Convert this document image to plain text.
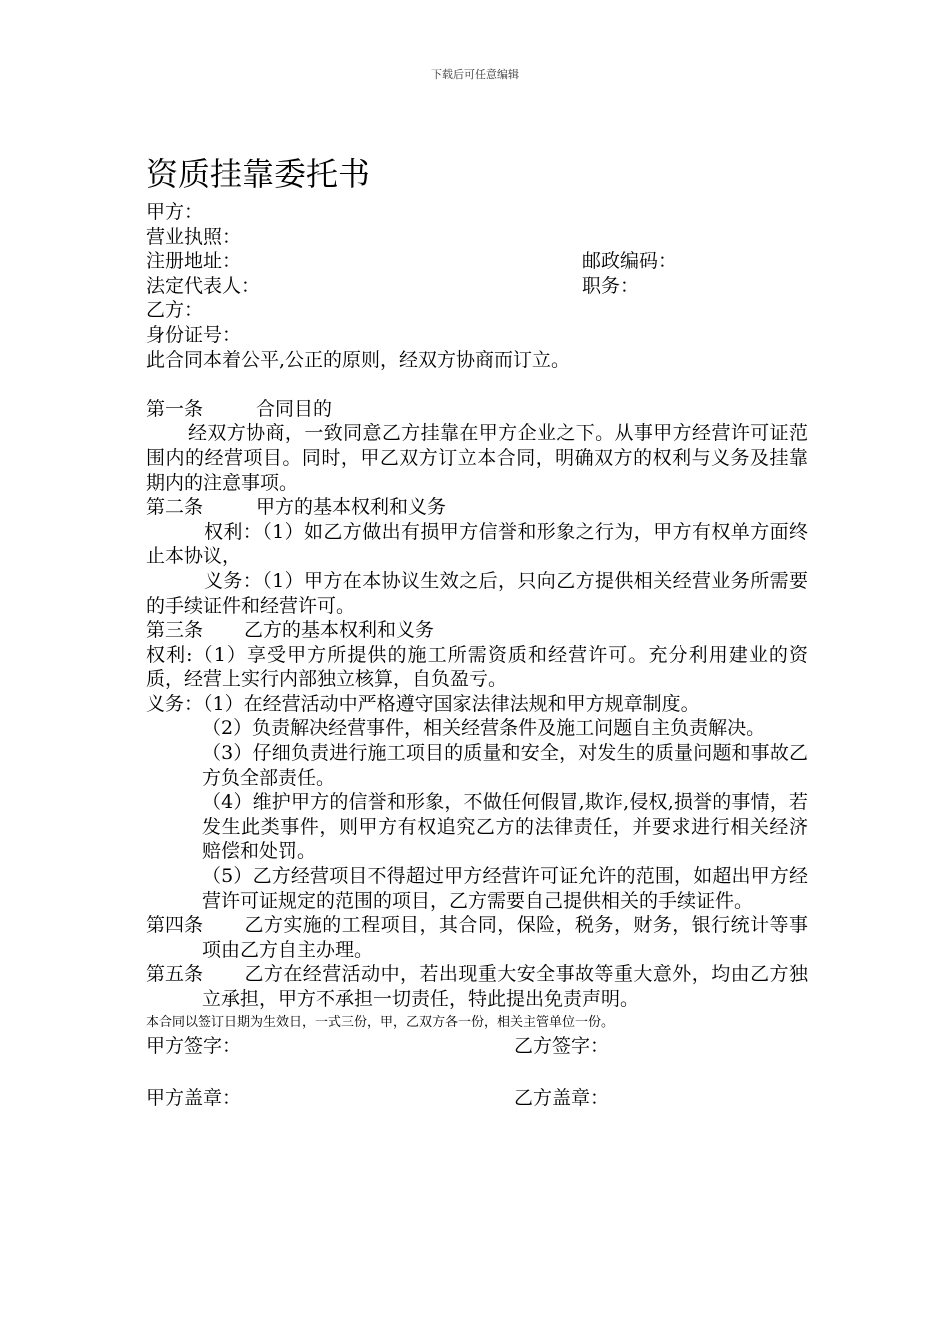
下载后可任意编辑
资质挂靠委托书
甲方：
营业执照：
注册地址：	邮政编码：
法定代表人：	职务：
乙方：
身份证号：
此合同本着公平,公正的原则，经双方协商而订立。
第一条	合同目的
经双方协商，一致同意乙方挂靠在甲方企业之下。从事甲方经营许可证范围内的经营项目。同时，甲乙双方订立本合同，明确双方的权利与义务及挂靠期内的注意事项。
第二条	甲方的基本权利和义务
权利：（1）如乙方做出有损甲方信誉和形象之行为，甲方有权单方面终止本协议，
义务：（1）甲方在本协议生效之后，只向乙方提供相关经营业务所需要的手续证件和经营许可。
第三条 乙方的基本权利和义务
权利:（1）享受甲方所提供的施工所需资质和经营许可。充分利用建业的资质，经营上实行内部独立核算，自负盈亏。
义务：（1）在经营活动中严格遵守国家法律法规和甲方规章制度。
（2）负责解决经营事件，相关经营条件及施工问题自主负责解决。
（3）仔细负责进行施工项目的质量和安全，对发生的质量问题和事故乙方负全部责任。
（4）维护甲方的信誉和形象，不做任何假冒,欺诈,侵权,损誉的事情，若发生此类事件，则甲方有权追究乙方的法律责任，并要求进行相关经济赔偿和处罚。
（5）乙方经营项目不得超过甲方经营许可证允许的范围，如超出甲方经营许可证规定的范围的项目，乙方需要自己提供相关的手续证件。
第四条 乙方实施的工程项目，其合同，保险，税务，财务，银行统计等事项由乙方自主办理。
第五条 乙方在经营活动中，若出现重大安全事故等重大意外，均由乙方独立承担，甲方不承担一切责任，特此提出免责声明。
本合同以签订日期为生效日，一式三份，甲，乙双方各一份，相关主管单位一份。
甲方签字：	乙方签字：
甲方盖章：	乙方盖章：
